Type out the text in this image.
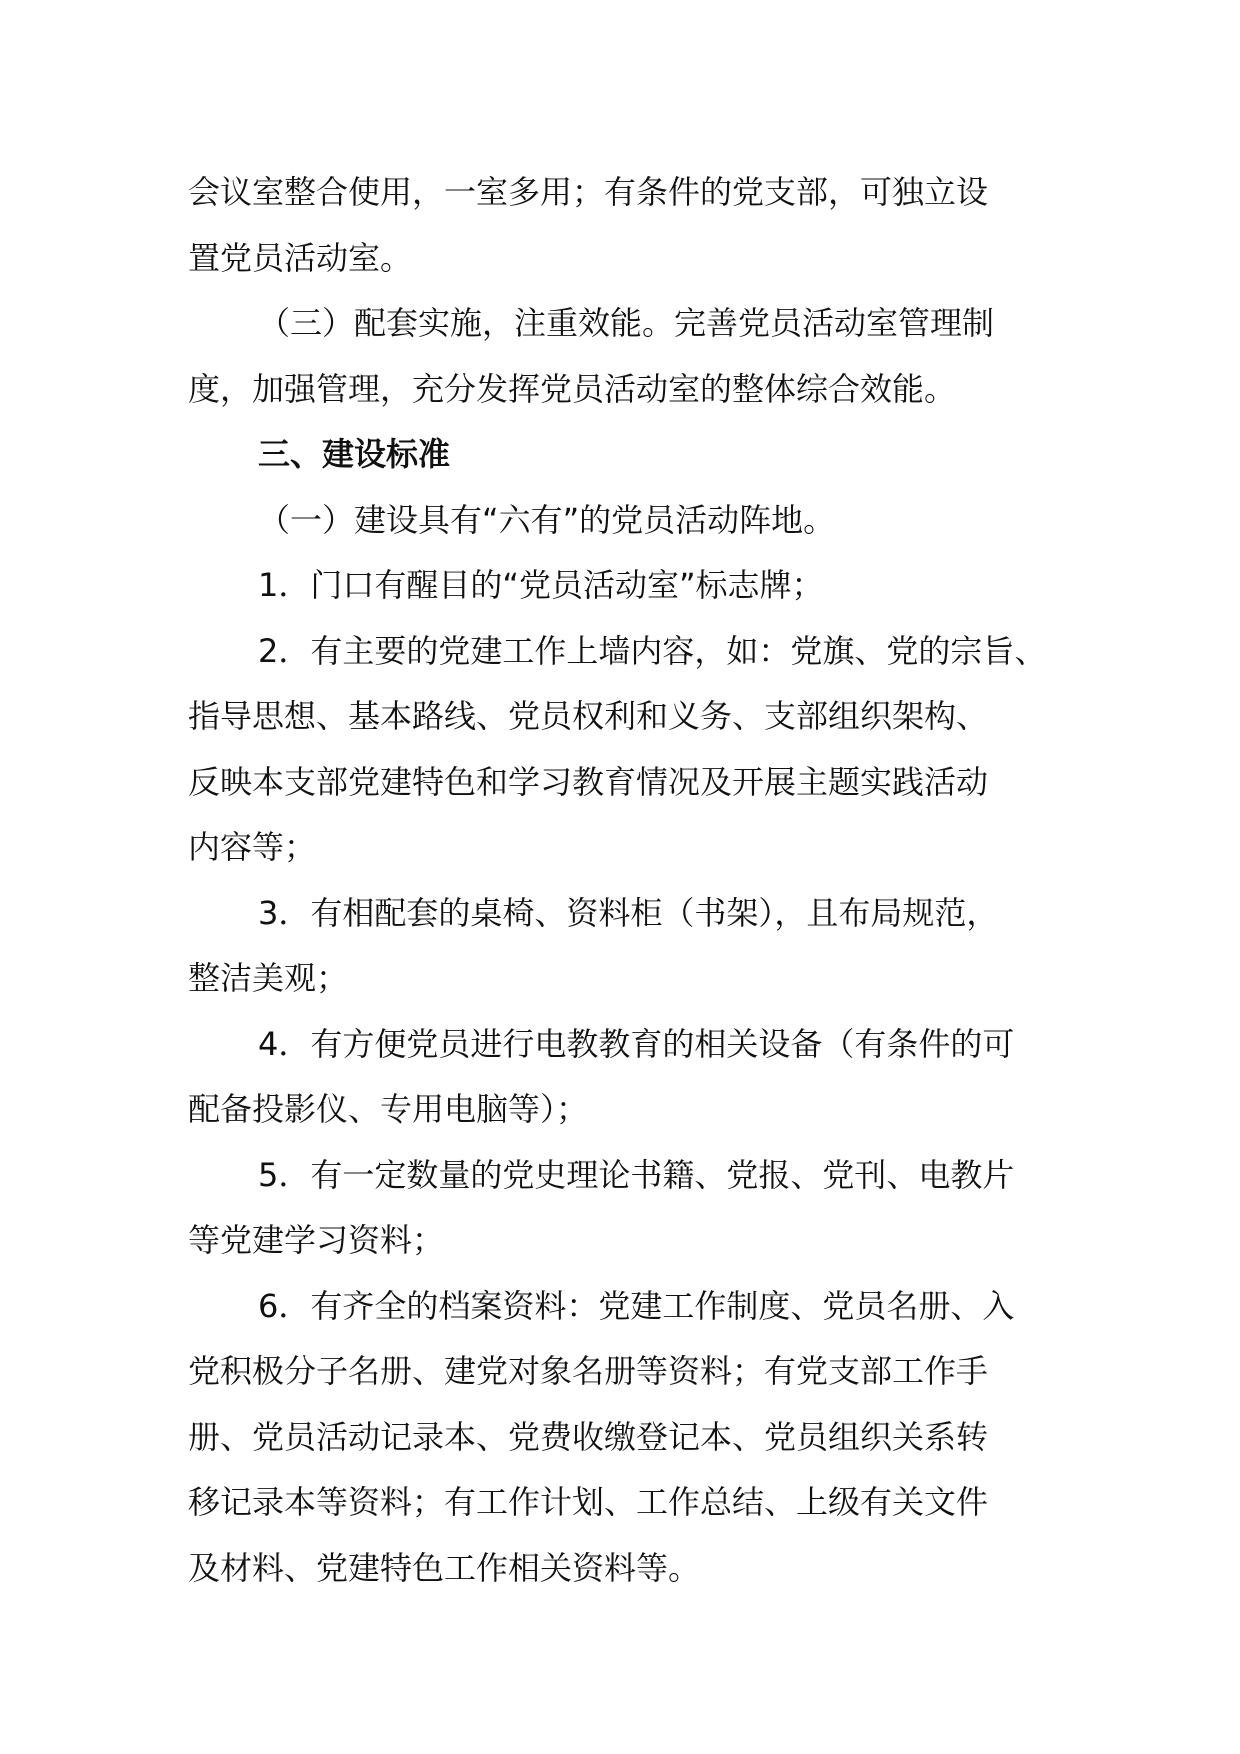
会议室整合使用，一室多用；有条件的党支部，可独立设
置党员活动室。

（三）配套实施，注重效能。完善党员活动室管理制
度，加强管理，充分发挥党员活动室的整体综合效能。

三、建设标准

（一）建设具有“六有”的党员活动阵地。

1．门口有醒目的“党员活动室”标志牌；

2．有主要的党建工作上墙内容，如：党旗、党的宗旨、
指导思想、基本路线、党员权利和义务、支部组织架构、
反映本支部党建特色和学习教育情况及开展主题实践活动
内容等；

3．有相配套的桌椅、资料柜（书架），且布局规范，
整洁美观；

4．有方便党员进行电教教育的相关设备（有条件的可
配备投影仪、专用电脑等）；

5．有一定数量的党史理论书籍、党报、党刊、电教片
等党建学习资料；

6．有齐全的档案资料：党建工作制度、党员名册、入
党积极分子名册、建党对象名册等资料；有党支部工作手
册、党员活动记录本、党费收缴登记本、党员组织关系转
移记录本等资料；有工作计划、工作总结、上级有关文件
及材料、党建特色工作相关资料等。
